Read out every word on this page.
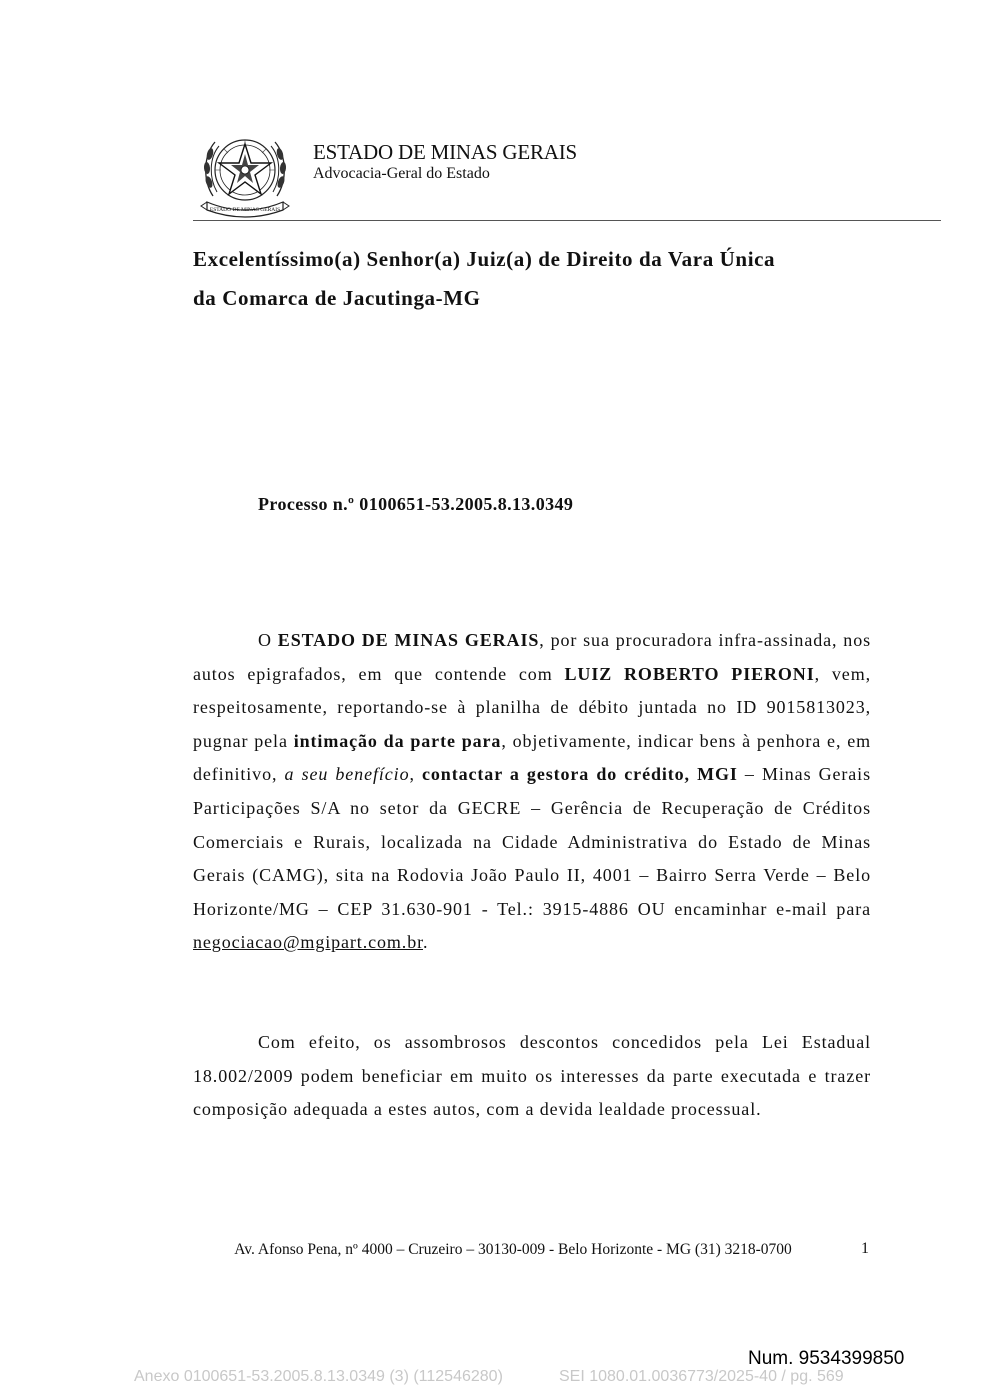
ESTADO DE MINAS GERAIS
ESTADO DE MINAS GERAIS
Advocacia-Geral do Estado
Excelentíssimo(a) Senhor(a) Juiz(a) de Direito da Vara Única
da Comarca de Jacutinga-MG
Processo n.º 0100651-53.2005.8.13.0349
O ESTADO DE MINAS GERAIS, por sua procuradora infra-assinada, nos autos epigrafados, em que contende com LUIZ ROBERTO PIERONI, vem, respeitosamente, reportando-se à planilha de débito juntada no ID 9015813023, pugnar pela intimação da parte para, objetivamente, indicar bens à penhora e, em definitivo, a seu benefício, contactar a gestora do crédito, MGI – Minas Gerais Participações S/A no setor da GECRE – Gerência de Recuperação de Créditos Comerciais e Rurais, localizada na Cidade Administrativa do Estado de Minas Gerais (CAMG), sita na Rodovia João Paulo II, 4001 – Bairro Serra Verde – Belo Horizonte/MG – CEP 31.630-901 - Tel.: 3915-4886 OU encaminhar e-mail para negociacao@mgipart.com.br.
Com efeito, os assombrosos descontos concedidos pela Lei Estadual 18.002/2009 podem beneficiar em muito os interesses da parte executada e trazer composição adequada a estes autos, com a devida lealdade processual.
Av. Afonso Pena, nº 4000 – Cruzeiro – 30130-009 - Belo Horizonte - MG (31) 3218-0700	1
Num. 9534399850
Anexo 0100651-53.2005.8.13.0349 (3) (112546280)	SEI 1080.01.0036773/2025-40 / pg. 569
